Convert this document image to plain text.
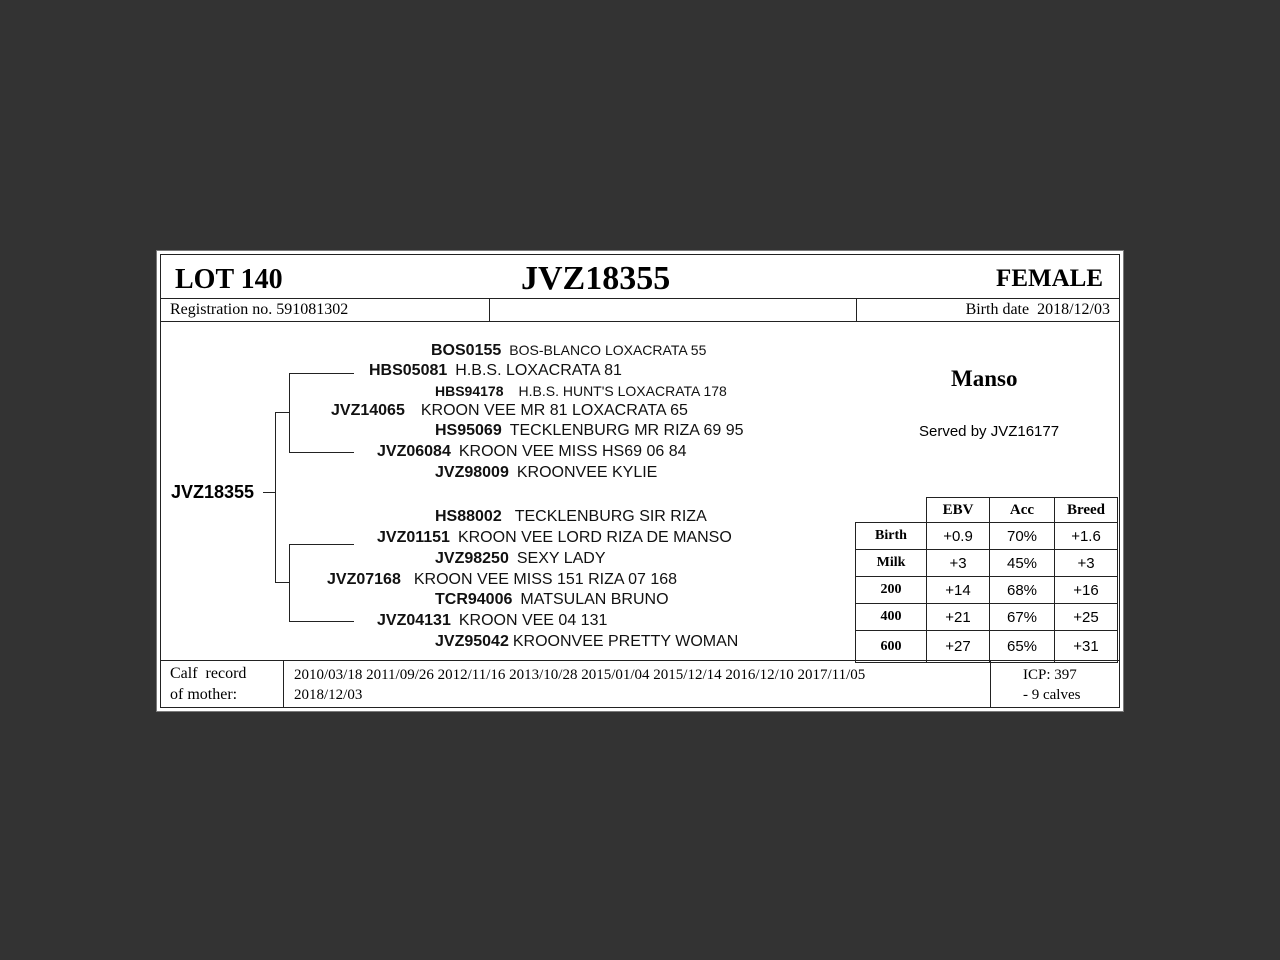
LOT 140	JVZ18355	FEMALE
Registration no. 591081302	Birth date 2018/12/03
JVZ18355
BOS0155 BOS-BLANCO LOXACRATA 55
HBS05081 H.B.S. LOXACRATA 81
HBS94178 H.B.S. HUNT'S LOXACRATA 178
JVZ14065 KROON VEE MR 81 LOXACRATA 65
HS95069 TECKLENBURG MR RIZA 69 95
JVZ06084 KROON VEE MISS HS69 06 84
JVZ98009 KROONVEE KYLIE
HS88002 TECKLENBURG SIR RIZA
JVZ01151 KROON VEE LORD RIZA DE MANSO
JVZ98250 SEXY LADY
JVZ07168 KROON VEE MISS 151 RIZA 07 168
TCR94006 MATSULAN BRUNO
JVZ04131 KROON VEE 04 131
JVZ95042 KROONVEE PRETTY WOMAN
Manso
Served by JVZ16177
	EBV	Acc	Breed
Birth	+0.9	70%	+1.6
Milk	+3	45%	+3
200	+14	68%	+16
400	+21	67%	+25
600	+27	65%	+31
Calf  record
of mother:
2010/03/18 2011/09/26 2012/11/16 2013/10/28 2015/01/04 2015/12/14 2016/12/10 2017/11/05
2018/12/03
ICP: 397
- 9 calves
